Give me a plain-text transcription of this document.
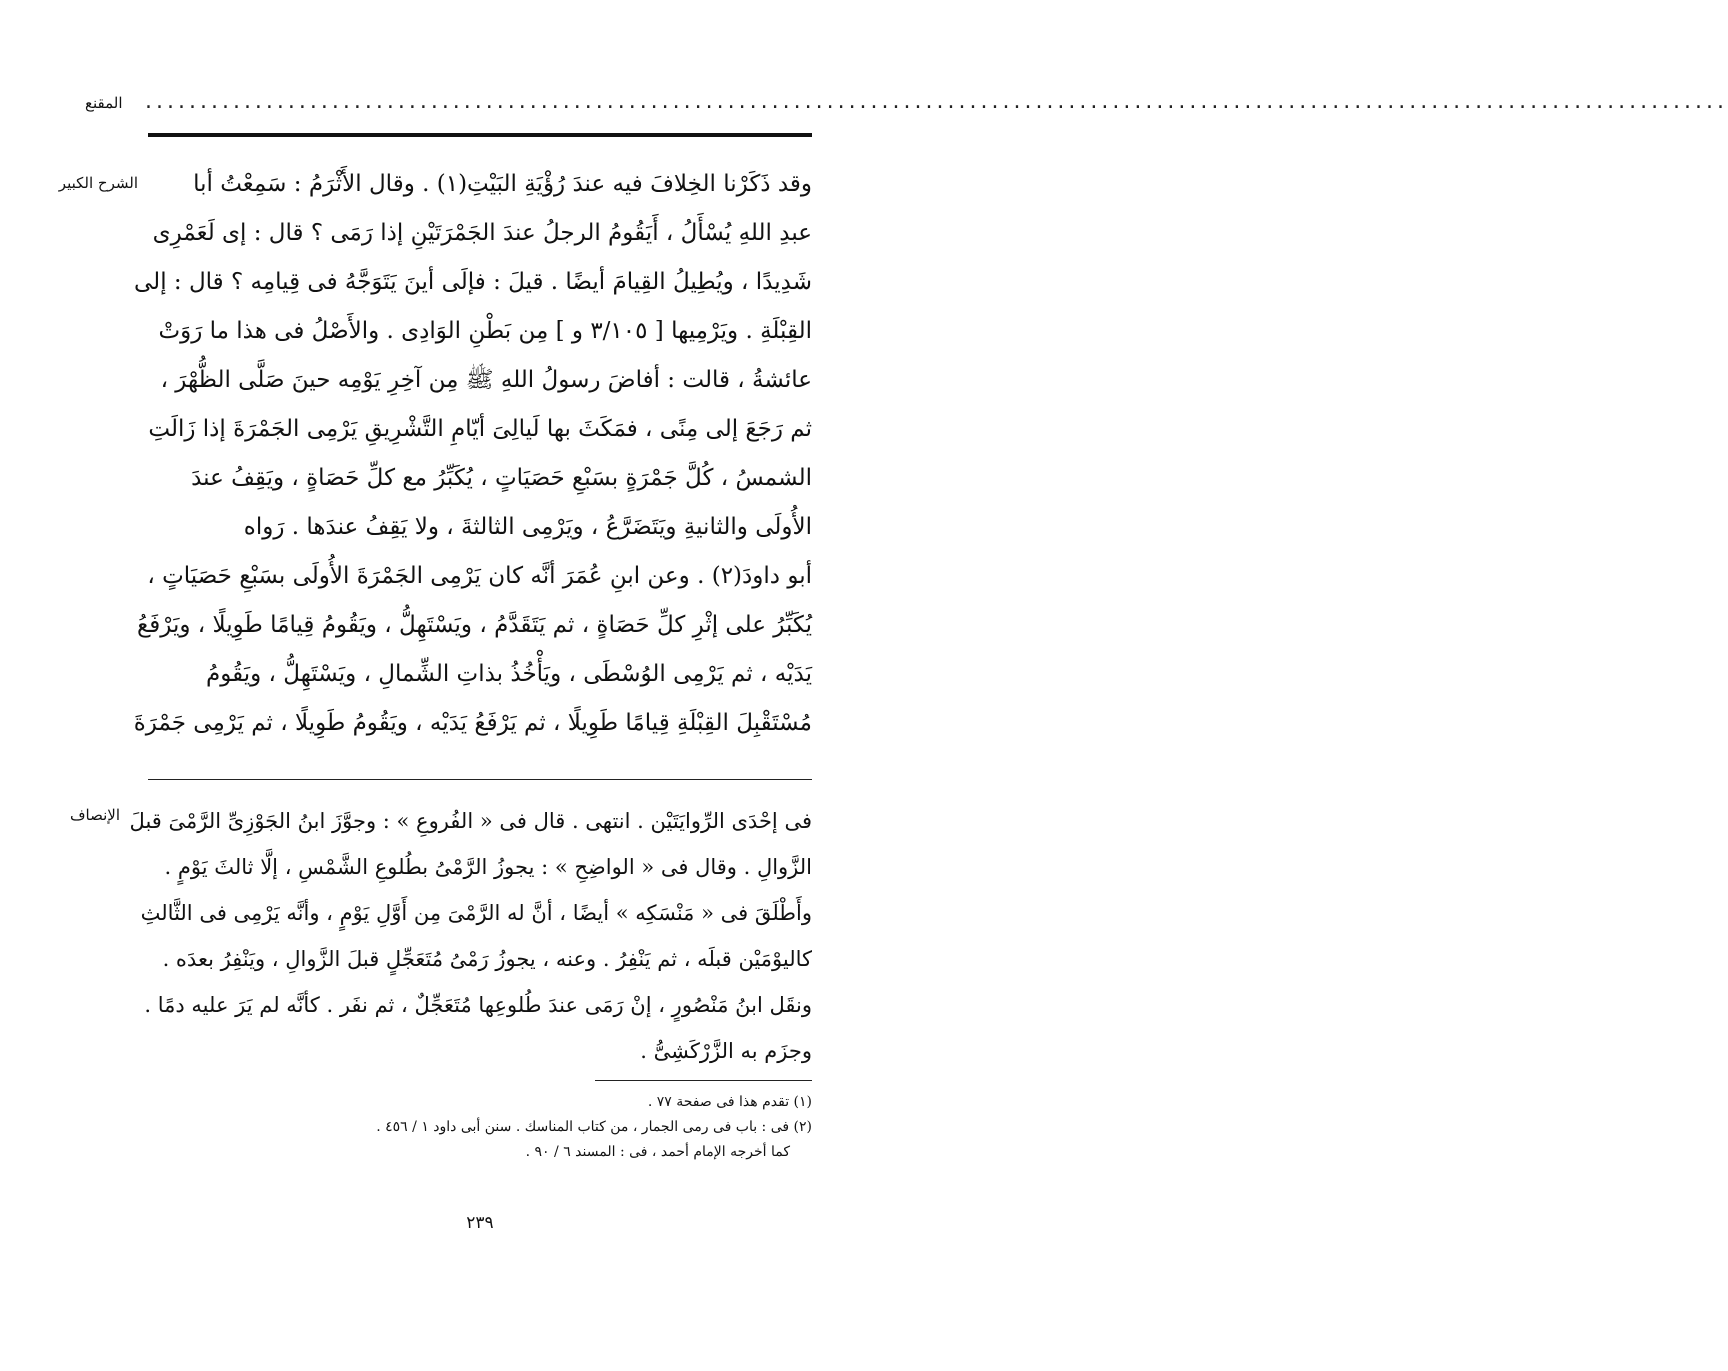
................................................................................................................................................
المقنع
الشرح الكبير	وقد ذَكَرْنا الخِلافَ فيه عندَ رُؤْيَةِ البَيْتِ(١) . وقال الأَثْرَمُ : سَمِعْتُ أبا
عبدِ اللهِ يُسْأَلُ ، أَيَقُومُ الرجلُ عندَ الجَمْرَتَيْنِ إذا رَمَى ؟ قال : إى لَعَمْرِى
شَدِيدًا ، ويُطِيلُ القِيامَ أيضًا . قيلَ : فإلَى أينَ يَتَوَجَّهُ فى قِيامِه ؟ قال : إلى
القِبْلَةِ . ويَرْمِيها [ ٣/١٠٥ و ] مِن بَطْنِ الوَادِى . والأَصْلُ فى هذا ما رَوَتْ
عائشةُ ، قالت : أفاضَ رسولُ اللهِ ﷺ مِن آخِرِ يَوْمِه حينَ صَلَّى الظُّهْرَ ،
ثم رَجَعَ إلى مِنًى ، فمَكَثَ بها لَيالِىَ أيّامِ التَّشْرِيقِ يَرْمِى الجَمْرَةَ إذا زَالَتِ
الشمسُ ، كُلَّ جَمْرَةٍ بسَبْعِ حَصَيَاتٍ ، يُكَبِّرُ مع كلِّ حَصَاةٍ ، ويَقِفُ عندَ
الأُولَى والثانيةِ ويَتَضَرَّعُ ، ويَرْمِى الثالثةَ ، ولا يَقِفُ عندَها . رَواه
أبو داودَ(٢) . وعن ابنِ عُمَرَ أنَّه كان يَرْمِى الجَمْرَةَ الأُولَى بسَبْعِ حَصَيَاتٍ ،
يُكَبِّرُ على إثْرِ كلِّ حَصَاةٍ ، ثم يَتَقَدَّمُ ، ويَسْتَهِلُّ ، ويَقُومُ قِيامًا طَوِيلًا ، ويَرْفَعُ
يَدَيْه ، ثم يَرْمِى الوُسْطَى ، ويَأْخُذُ بذاتِ الشِّمالِ ، ويَسْتَهِلُّ ، ويَقُومُ
مُسْتَقْبِلَ القِبْلَةِ قِيامًا طَوِيلًا ، ثم يَرْفَعُ يَدَيْه ، ويَقُومُ طَوِيلًا ، ثم يَرْمِى جَمْرَةَ
الإنصاف فى إحْدَى الرِّوايَتَيْن . انتهى . قال فى « الفُروعِ » : وجوَّزَ ابنُ الجَوْزِىِّ الرَّمْىَ قبلَ
الزَّوالِ . وقال فى « الواضِحِ » : يجوزُ الرَّمْىُ بطُلوعِ الشَّمْسِ ، إلَّا ثالثَ يَوْمٍ .
وأَطْلَقَ فى « مَنْسَكِه » أيضًا ، أنَّ له الرَّمْىَ مِن أَوَّلِ يَوْمٍ ، وأنَّه يَرْمِى فى الثَّالثِ
كاليوْمَيْن قبلَه ، ثم يَنْفِرُ . وعنه ، يجوزُ رَمْىُ مُتَعَجِّلٍ قبلَ الزَّوالِ ، ويَنْفِرُ بعدَه .
ونقَل ابنُ مَنْصُورٍ ، إنْ رَمَى عندَ طُلوعِها مُتَعَجِّلٌ ، ثم نفَر . كأنَّه لم يَرَ عليه دمًا .
وجزَم به الزَّرْكَشِىُّ .
(١) تقدم هذا فى صفحة ٧٧ .
(٢) فى : باب فى رمى الجمار ، من كتاب المناسك . سنن أبى داود ١ / ٤٥٦ .
كما أخرجه الإمام أحمد ، فى : المسند ٦ / ٩٠ .
٢٣٩
